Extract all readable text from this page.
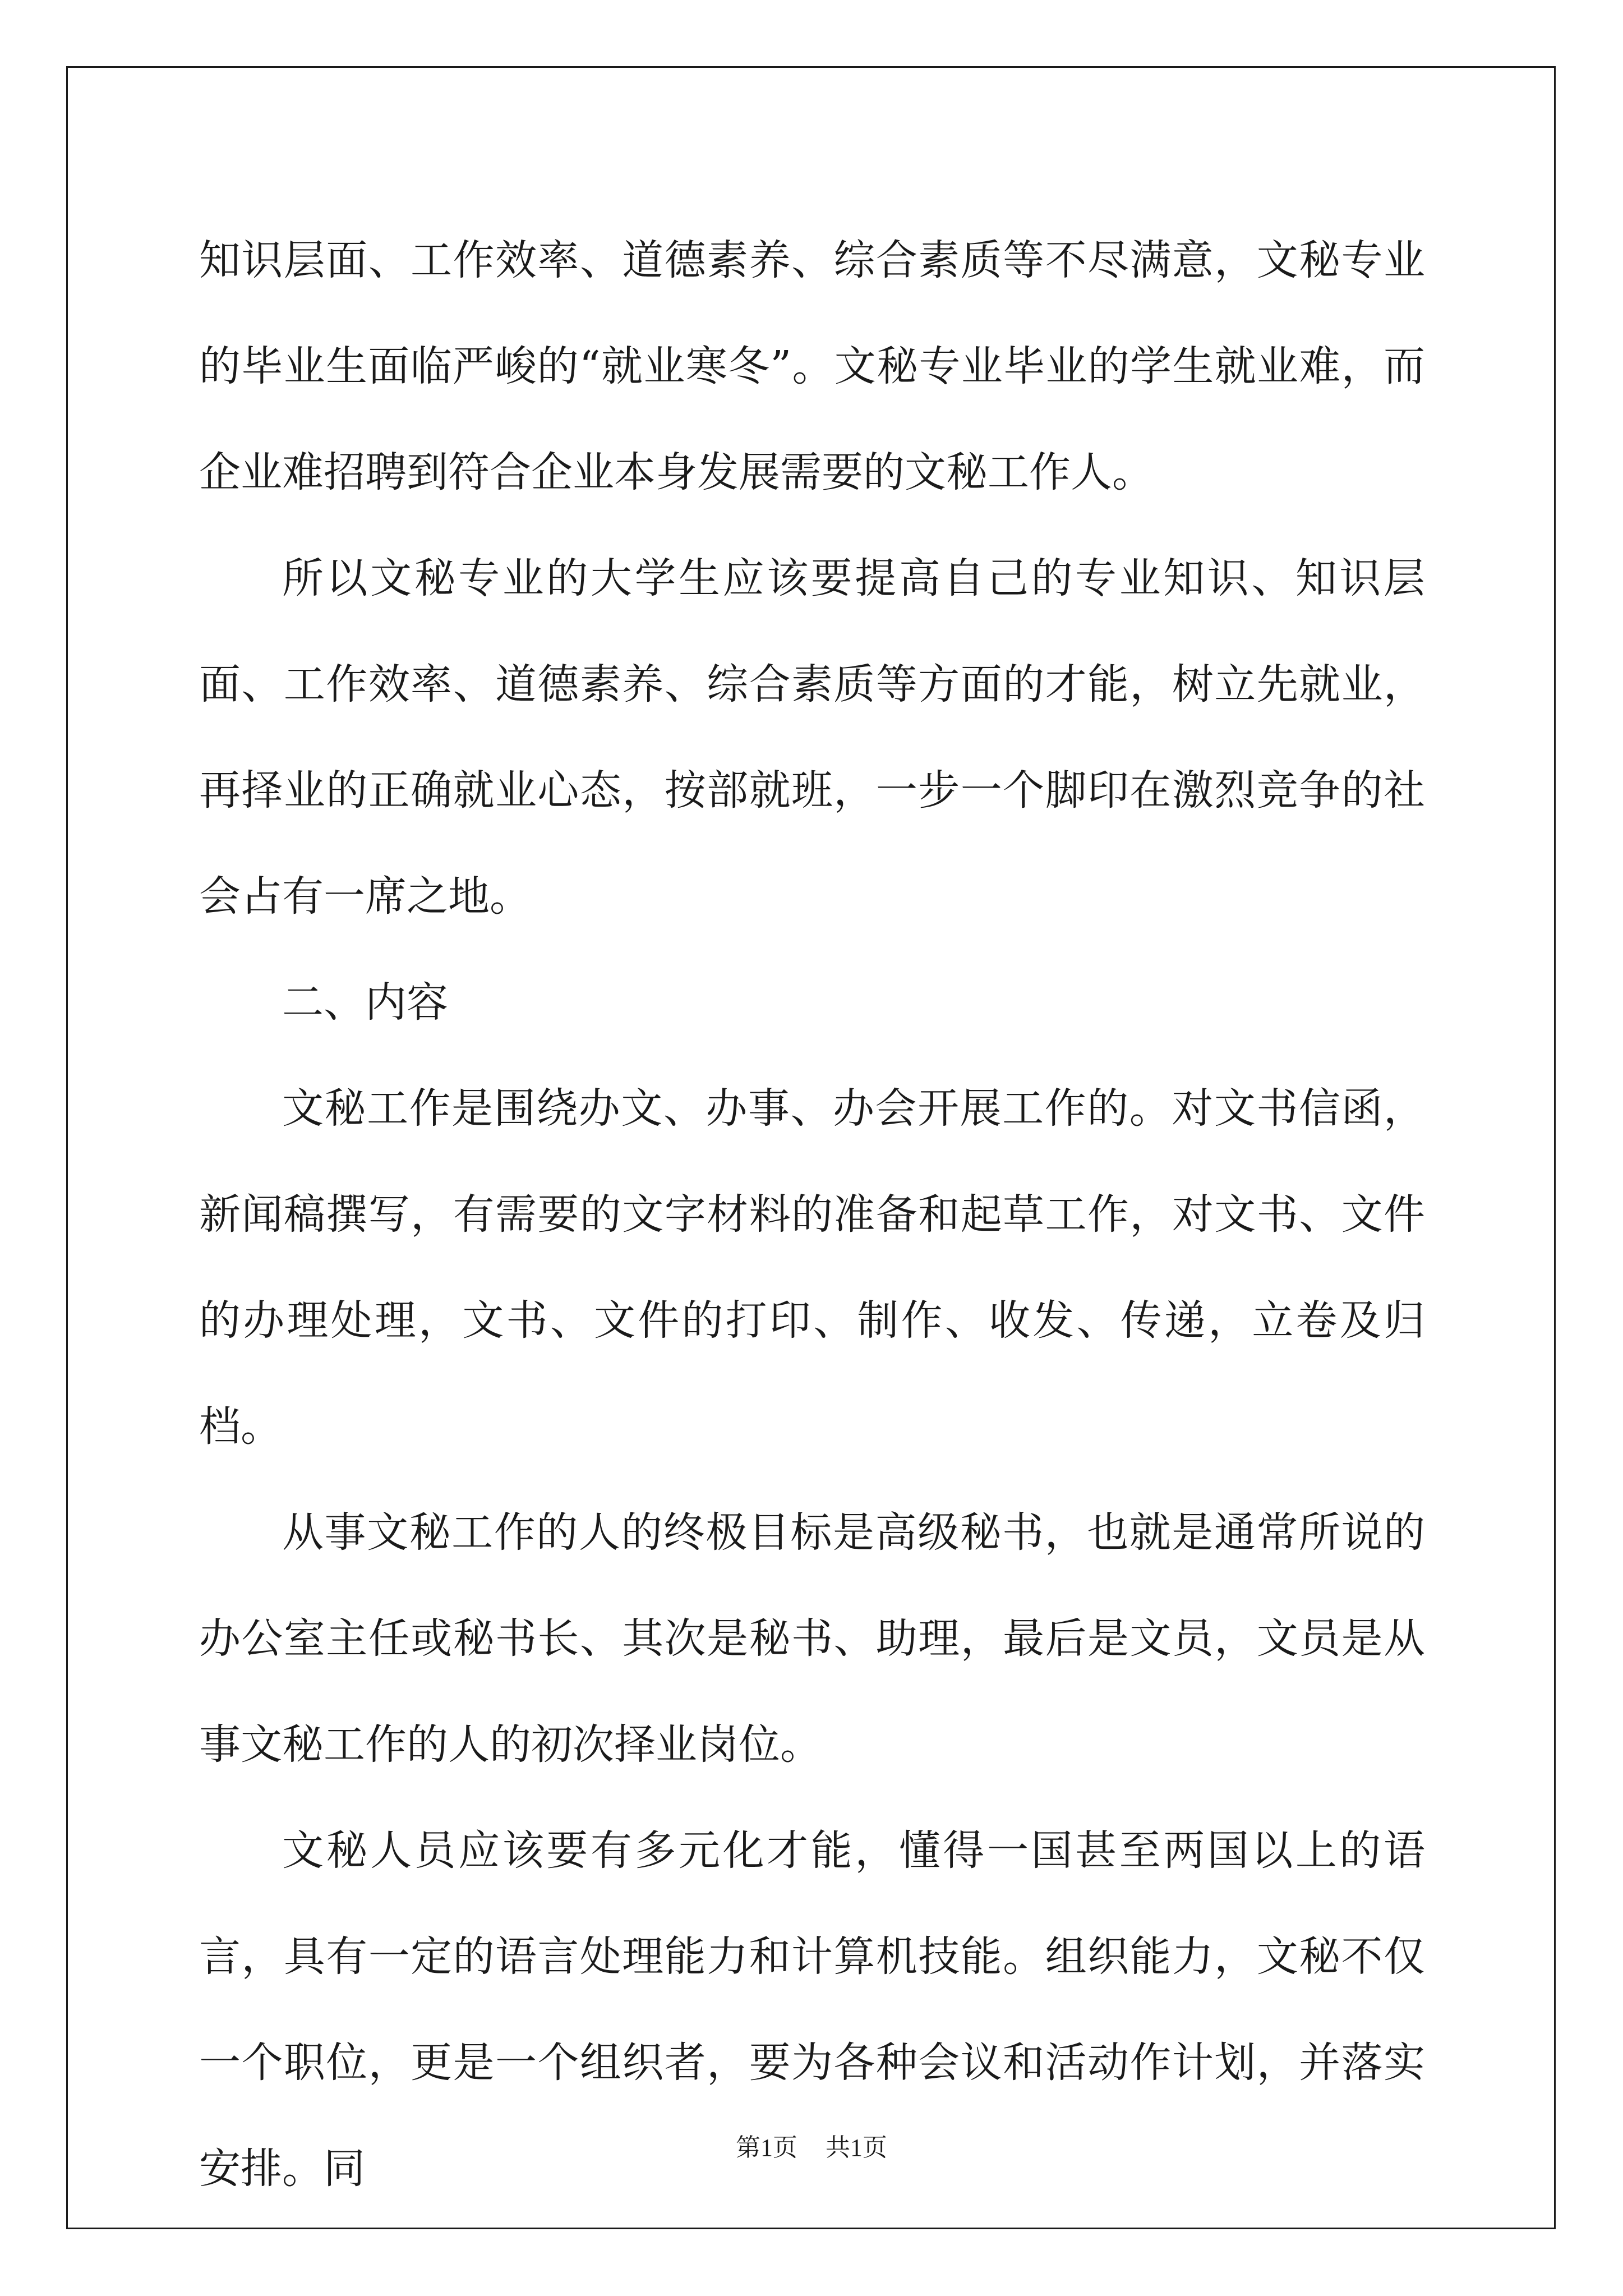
知识层面、工作效率、道德素养、综合素质等不尽满意，文秘专业的毕业生面临严峻的“就业寒冬”。文秘专业毕业的学生就业难，而企业难招聘到符合企业本身发展需要的文秘工作人。

所以文秘专业的大学生应该要提高自己的专业知识、知识层面、工作效率、道德素养、综合素质等方面的才能，树立先就业，再择业的正确就业心态，按部就班，一步一个脚印在激烈竞争的社会占有一席之地。

二、内容

文秘工作是围绕办文、办事、办会开展工作的。对文书信函，新闻稿撰写，有需要的文字材料的准备和起草工作，对文书、文件的办理处理，文书、文件的打印、制作、收发、传递，立卷及归档。

从事文秘工作的人的终极目标是高级秘书，也就是通常所说的办公室主任或秘书长、其次是秘书、助理，最后是文员，文员是从事文秘工作的人的初次择业岗位。

文秘人员应该要有多元化才能，懂得一国甚至两国以上的语言，具有一定的语言处理能力和计算机技能。组织能力，文秘不仅一个职位，更是一个组织者，要为各种会议和活动作计划，并落实安排。同	第1页 共1页
